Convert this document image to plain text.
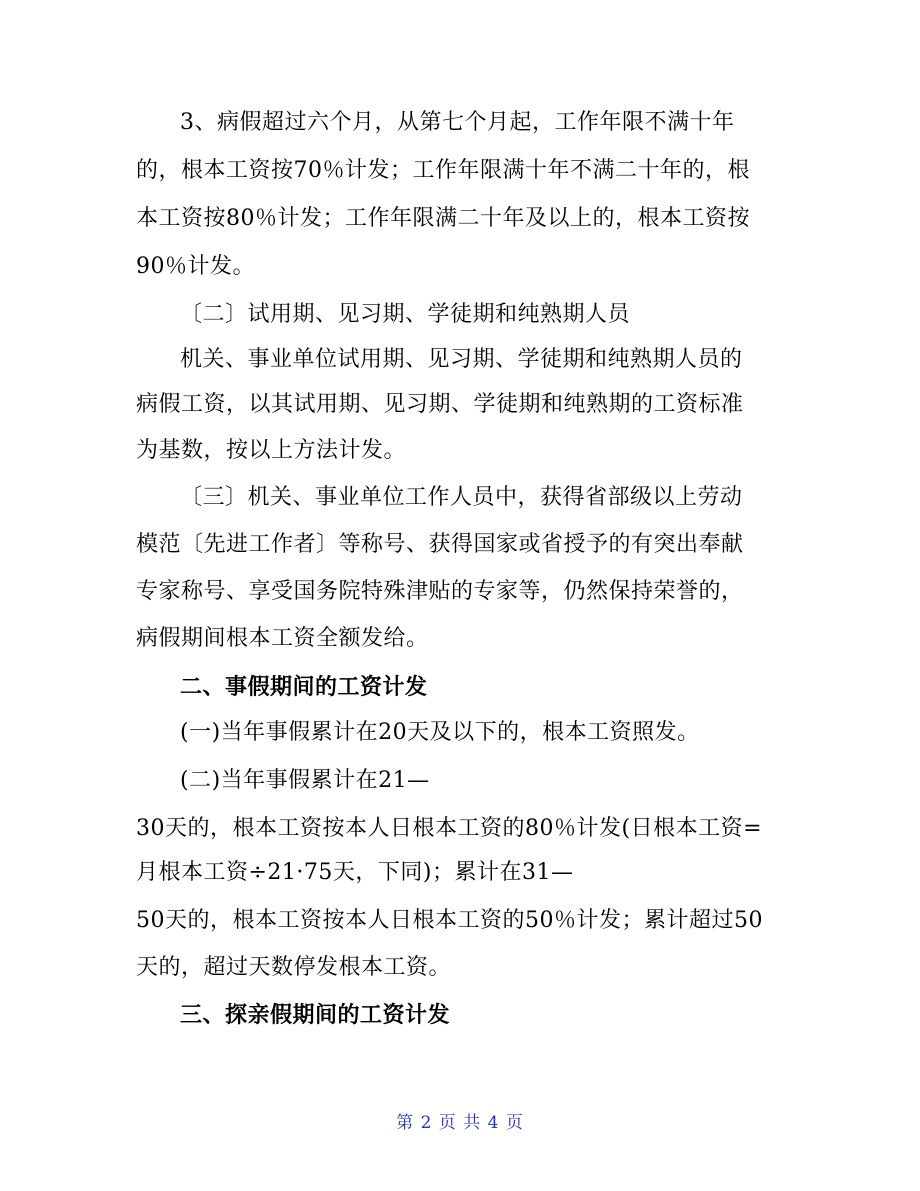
3、病假超过六个月，从第七个月起，工作年限不满十年
的，根本工资按70％计发；工作年限满十年不满二十年的，根
本工资按80％计发；工作年限满二十年及以上的，根本工资按
90％计发。
〔二〕试用期、见习期、学徒期和纯熟期人员
机关、事业单位试用期、见习期、学徒期和纯熟期人员的
病假工资，以其试用期、见习期、学徒期和纯熟期的工资标准
为基数，按以上方法计发。
〔三〕机关、事业单位工作人员中，获得省部级以上劳动
模范〔先进工作者〕等称号、获得国家或省授予的有突出奉献
专家称号、享受国务院特殊津贴的专家等，仍然保持荣誉的，
病假期间根本工资全额发给。
二、事假期间的工资计发
(一)当年事假累计在20天及以下的，根本工资照发。
(二)当年事假累计在21—
30天的，根本工资按本人日根本工资的80％计发(日根本工资=
月根本工资÷21·75天，下同)；累计在31—
50天的，根本工资按本人日根本工资的50％计发；累计超过50
天的，超过天数停发根本工资。
三、探亲假期间的工资计发
第 2 页 共 4 页
